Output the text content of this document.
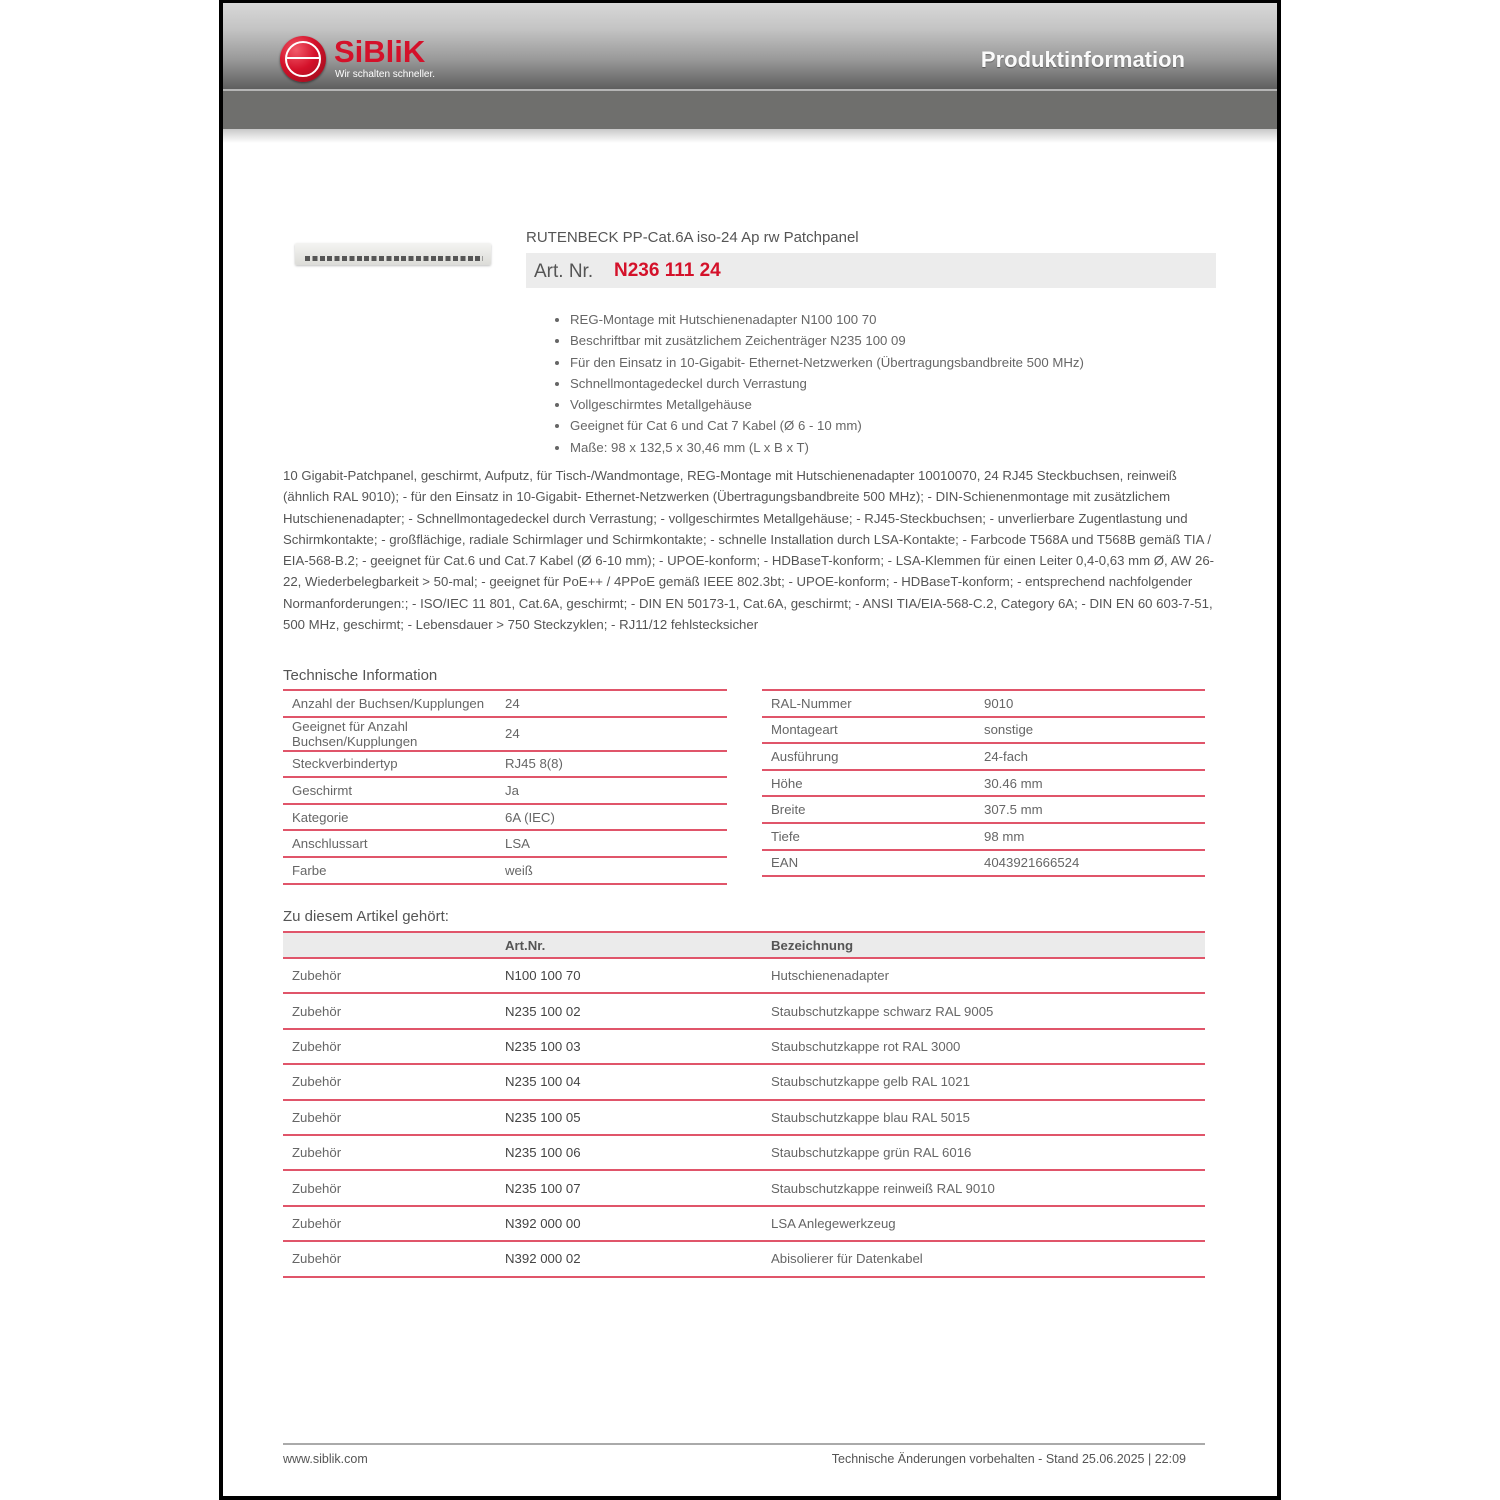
SiBliK
Wir schalten schneller.
Produktinformation
RUTENBECK PP-Cat.6A iso-24 Ap rw Patchpanel
Art. Nr. N236 111 24
• REG-Montage mit Hutschienenadapter N100 100 70
• Beschriftbar mit zusätzlichem Zeichenträger N235 100 09
• Für den Einsatz in 10-Gigabit- Ethernet-Netzwerken (Übertragungsbandbreite 500 MHz)
• Schnellmontagedeckel durch Verrastung
• Vollgeschirmtes Metallgehäuse
• Geeignet für Cat 6 und Cat 7 Kabel (Ø 6 - 10 mm)
• Maße: 98 x 132,5 x 30,46 mm (L x B x T)
10 Gigabit-Patchpanel, geschirmt, Aufputz, für Tisch-/Wandmontage, REG-Montage mit Hutschienenadapter 10010070, 24 RJ45 Steckbuchsen, reinweiß (ähnlich RAL 9010); - für den Einsatz in 10-Gigabit- Ethernet-Netzwerken (Übertragungsbandbreite 500 MHz); - DIN-Schienenmontage mit zusätzlichem Hutschienenadapter; - Schnellmontagedeckel durch Verrastung; - vollgeschirmtes Metallgehäuse; - RJ45-Steckbuchsen; - unverlierbare Zugentlastung und Schirmkontakte; - großflächige, radiale Schirmlager und Schirmkontakte; - schnelle Installation durch LSA-Kontakte; - Farbcode T568A und T568B gemäß TIA / EIA-568-B.2; - geeignet für Cat.6 und Cat.7 Kabel (Ø 6-10 mm); - UPOE-konform; - HDBaseT-konform; - LSA-Klemmen für einen Leiter 0,4-0,63 mm Ø, AW 26-22, Wiederbelegbarkeit > 50-mal; - geeignet für PoE++ / 4PPoE gemäß IEEE 802.3bt; - UPOE-konform; - HDBaseT-konform; - entsprechend nachfolgender Normanforderungen:; - ISO/IEC 11 801, Cat.6A, geschirmt; - DIN EN 50173-1, Cat.6A, geschirmt; - ANSI TIA/EIA-568-C.2, Category 6A; - DIN EN 60 603-7-51, 500 MHz, geschirmt; - Lebensdauer > 750 Steckzyklen; - RJ11/12 fehlstecksicher
Technische Information
Anzahl der Buchsen/Kupplungen	24
Geeignet für Anzahl Buchsen/Kupplungen	24
Steckverbindertyp	RJ45 8(8)
Geschirmt	Ja
Kategorie	6A (IEC)
Anschlussart	LSA
Farbe	weiß
RAL-Nummer	9010
Montageart	sonstige
Ausführung	24-fach
Höhe	30.46 mm
Breite	307.5 mm
Tiefe	98 mm
EAN	4043921666524
Zu diesem Artikel gehört:
	Art.Nr.	Bezeichnung
Zubehör	N100 100 70	Hutschienenadapter
Zubehör	N235 100 02	Staubschutzkappe schwarz RAL 9005
Zubehör	N235 100 03	Staubschutzkappe rot RAL 3000
Zubehör	N235 100 04	Staubschutzkappe gelb RAL 1021
Zubehör	N235 100 05	Staubschutzkappe blau RAL 5015
Zubehör	N235 100 06	Staubschutzkappe grün RAL 6016
Zubehör	N235 100 07	Staubschutzkappe reinweiß RAL 9010
Zubehör	N392 000 00	LSA Anlegewerkzeug
Zubehör	N392 000 02	Abisolierer für Datenkabel
www.siblik.com	Technische Änderungen vorbehalten - Stand 25.06.2025 | 22:09
